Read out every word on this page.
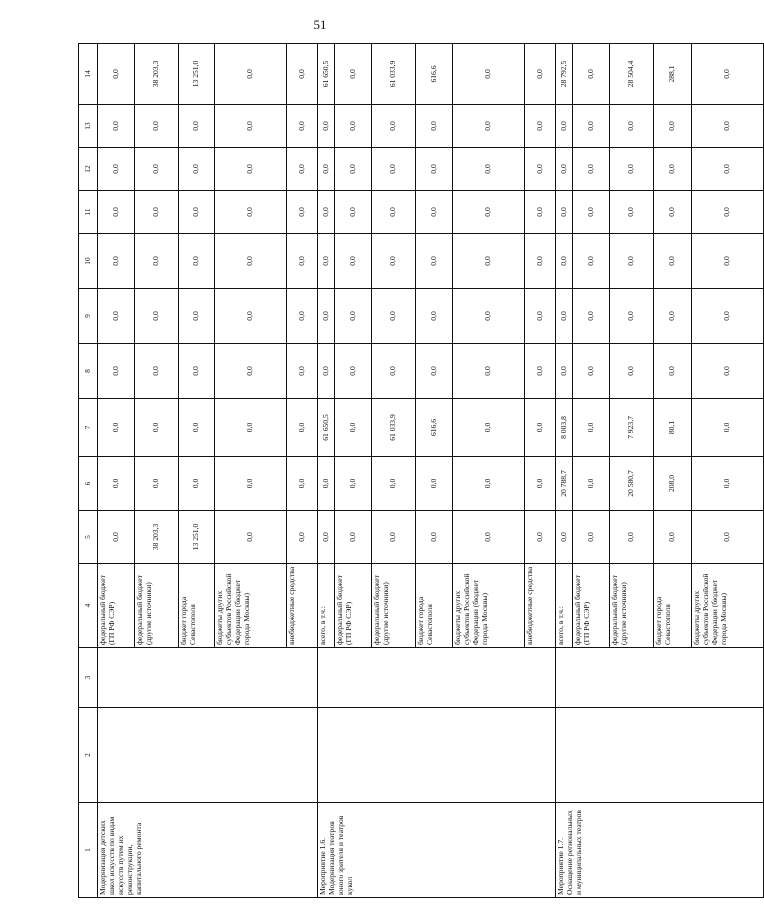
51
1	2	3	4	5	6	7	8	9	10	11	12	13	14
Модернизация детских школ искусств по видам искусств путем их реконструкции, капитального ремонта			федеральный бюджет (ГП РФ СЭР)	0,0	0,0	0,0	0,0	0,0	0,0	0,0	0,0	0,0	0,0
			федеральный бюджет (другие источники)	38 203,3	0,0	0,0	0,0	0,0	0,0	0,0	0,0	0,0	38 203,3
			бюджет города Севастополя	13 251,0	0,0	0,0	0,0	0,0	0,0	0,0	0,0	0,0	13 251,0
			бюджеты других субъектов Российской Федерации (бюджет города Москвы)	0,0	0,0	0,0	0,0	0,0	0,0	0,0	0,0	0,0	0,0
			внебюджетные средства	0,0	0,0	0,0	0,0	0,0	0,0	0,0	0,0	0,0	0,0
Мероприятие 1.6. Модернизация театров юного зрителя и театров кукол			всего, в т.ч.:	0,0	0,0	61 650,5	0,0	0,0	0,0	0,0	0,0	0,0	61 650,5
			федеральный бюджет (ГП РФ СЭР)	0,0	0,0	0,0	0,0	0,0	0,0	0,0	0,0	0,0	0,0
			федеральный бюджет (другие источники)	0,0	0,0	61 033,9	0,0	0,0	0,0	0,0	0,0	0,0	61 033,9
			бюджет города Севастополя	0,0	0,0	616,6	0,0	0,0	0,0	0,0	0,0	0,0	616,6
			бюджеты других субъектов Российской Федерации (бюджет города Москвы)	0,0	0,0	0,0	0,0	0,0	0,0	0,0	0,0	0,0	0,0
			внебюджетные средства	0,0	0,0	0,0	0,0	0,0	0,0	0,0	0,0	0,0	0,0
Мероприятие 1.7. Оснащение региональных и муниципальных театров			всего, в т.ч.:	0,0	20 788,7	8 003,8	0,0	0,0	0,0	0,0	0,0	0,0	28 792,5
			федеральный бюджет (ГП РФ СЭР)	0,0	0,0	0,0	0,0	0,0	0,0	0,0	0,0	0,0	0,0
			федеральный бюджет (другие источники)	0,0	20 580,7	7 923,7	0,0	0,0	0,0	0,0	0,0	0,0	28 504,4
			бюджет города Севастополя	0,0	208,0	80,1	0,0	0,0	0,0	0,0	0,0	0,0	288,1
			бюджеты других субъектов Российской Федерации (бюджет города Москвы)	0,0	0,0	0,0	0,0	0,0	0,0	0,0	0,0	0,0	0,0
